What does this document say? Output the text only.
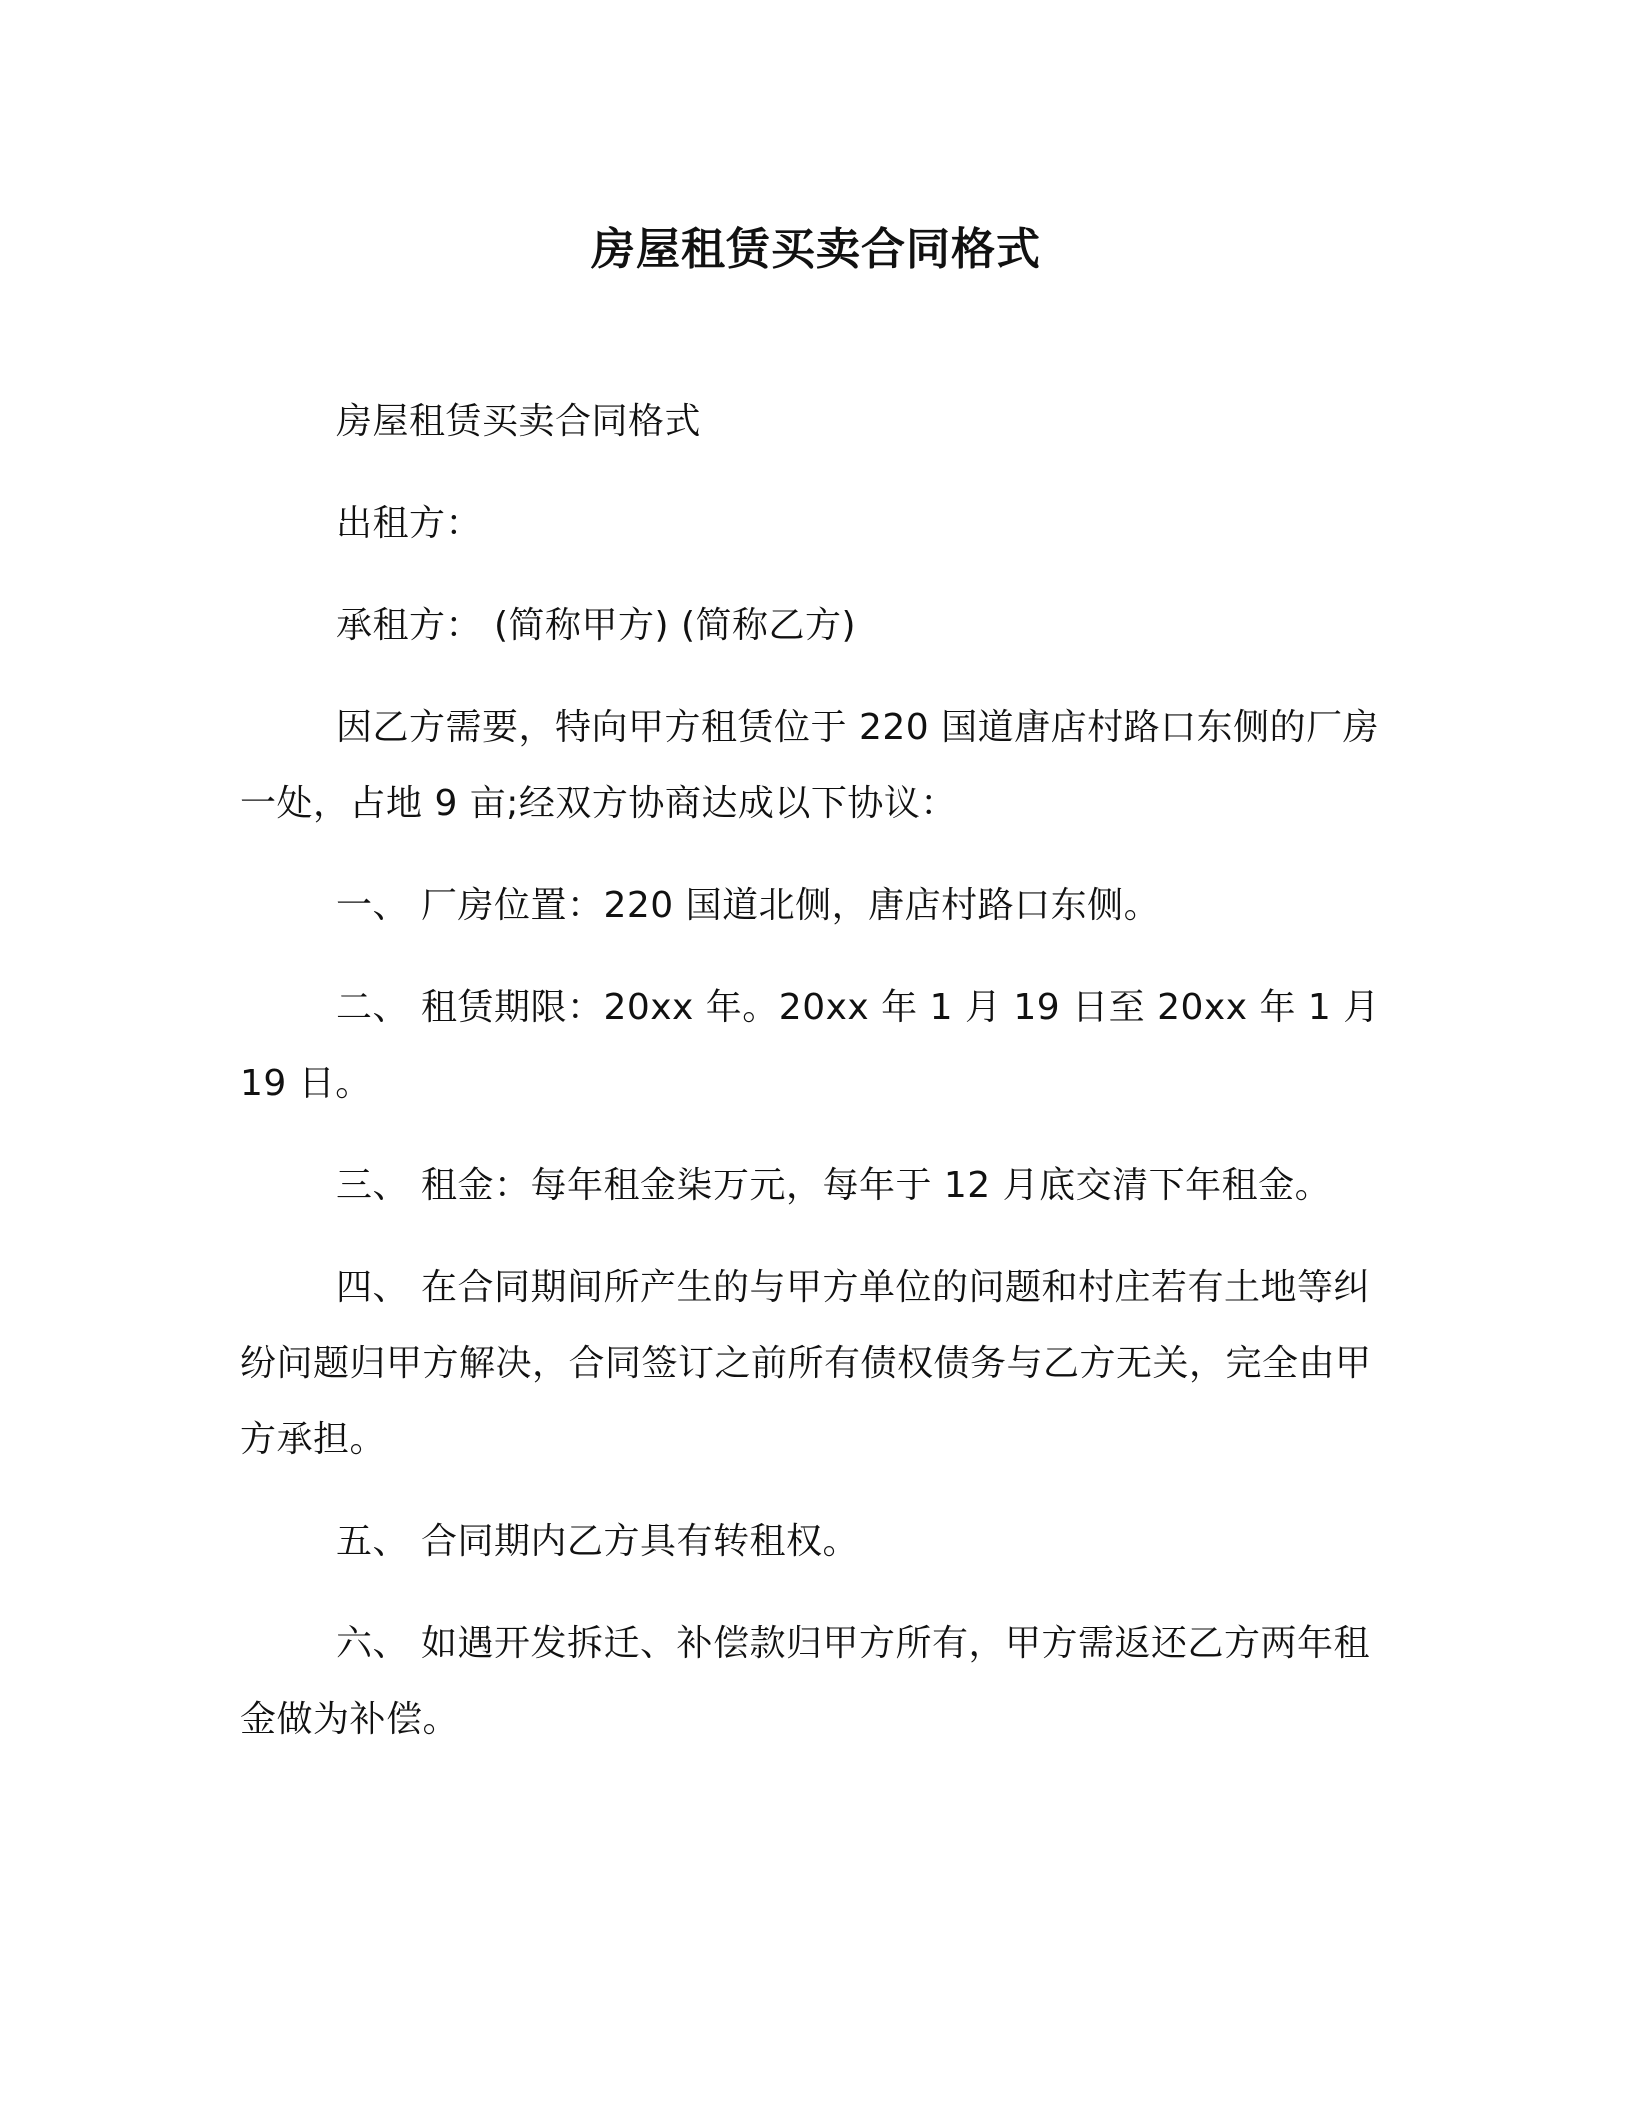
房屋租赁买卖合同格式
房屋租赁买卖合同格式
出租方：
承租方： (简称甲方) (简称乙方)
因乙方需要，特向甲方租赁位于 220 国道唐店村路口东侧的厂房一处，占地 9 亩;经双方协商达成以下协议：
一、 厂房位置：220 国道北侧，唐店村路口东侧。
二、 租赁期限：20xx 年。20xx 年 1 月 19 日至 20xx 年 1 月 19 日。
三、 租金：每年租金柒万元，每年于 12 月底交清下年租金。
四、 在合同期间所产生的与甲方单位的问题和村庄若有土地等纠纷问题归甲方解决，合同签订之前所有债权债务与乙方无关，完全由甲方承担。
五、 合同期内乙方具有转租权。
六、 如遇开发拆迁、补偿款归甲方所有，甲方需返还乙方两年租金做为补偿。
